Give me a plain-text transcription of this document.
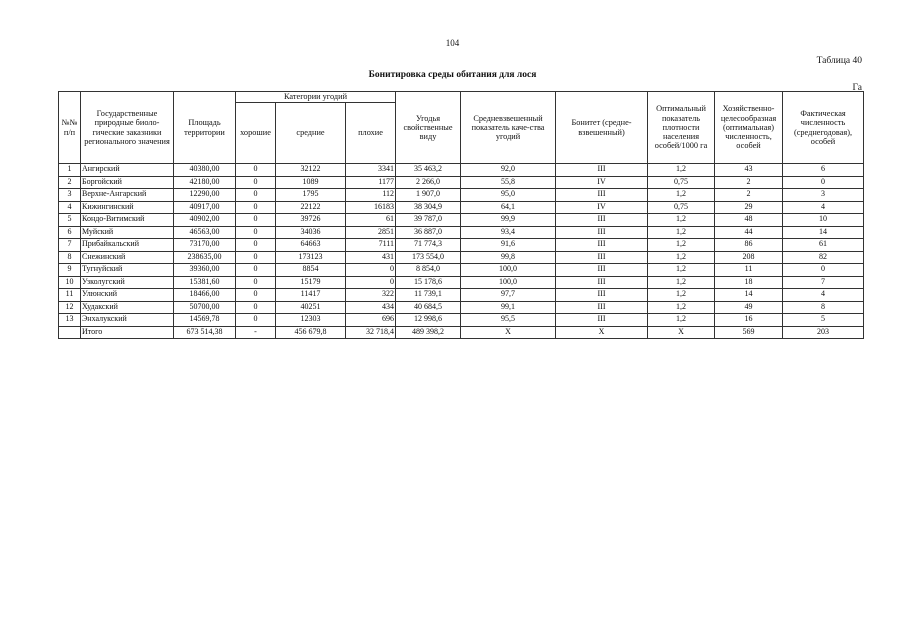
104
Таблица 40
Бонитировка среды обитания для лося
Га
№№ п/п	Государственные природные биоло-гические заказники регионального значения	Площадь территории	Категории угодий			Угодья свойственные виду	Средневзвешенный показатель каче-ства угодий	Бонитет (средне-взвешенный)	Оптимальный показатель плотности населения особей/1000 га	Хозяйственно-целесообразная (оптимальная) численность, особей	Фактическая численность (среднегодовая), особей
			хорошие	средние	плохие						
1	Ангирский	40380,00	0	32122	3341	35 463,2	92,0	III	1,2	43	6
2	Боргойский	42180,00	0	1089	1177	2 266,0	55,8	IV	0,75	2	0
3	Верхне-Ангарский	12290,00	0	1795	112	1 907,0	95,0	III	1,2	2	3
4	Кижингинский	40917,00	0	22122	16183	38 304,9	64,1	IV	0,75	29	4
5	Кондо-Витимский	40902,00	0	39726	61	39 787,0	99,9	III	1,2	48	10
6	Муйский	46563,00	0	34036	2851	36 887,0	93,4	III	1,2	44	14
7	Прибайкальский	73170,00	0	64663	7111	71 774,3	91,6	III	1,2	86	61
8	Снежинский	238635,00	0	173123	431	173 554,0	99,8	III	1,2	208	82
9	Тугнуйский	39360,00	0	8854	0	8 854,0	100,0	III	1,2	11	0
10	Узколугский	15381,60	0	15179	0	15 178,6	100,0	III	1,2	18	7
11	Улюнский	18466,00	0	11417	322	11 739,1	97,7	III	1,2	14	4
12	Худакский	50700,00	0	40251	434	40 684,5	99,1	III	1,2	49	8
13	Энхалукский	14569,78	0	12303	696	12 998,6	95,5	III	1,2	16	5
	Итого	673 514,38	-	456 679,8	32 718,4	489 398,2	X	X	X	569	203
